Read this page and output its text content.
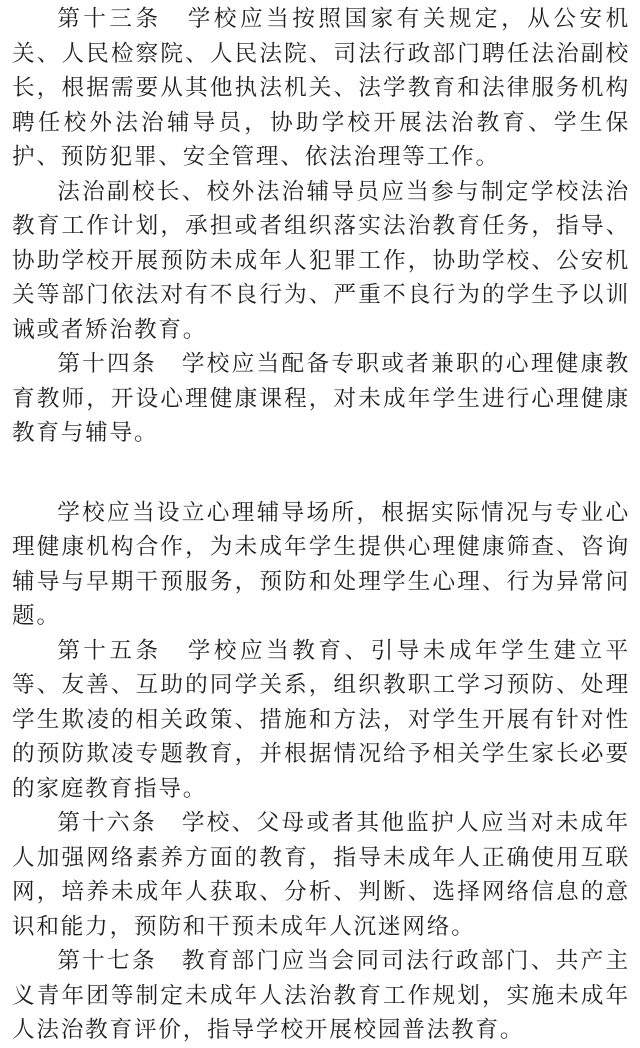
第十三条　学校应当按照国家有关规定，从公安机关、人民检察院、人民法院、司法行政部门聘任法治副校长，根据需要从其他执法机关、法学教育和法律服务机构聘任校外法治辅导员，协助学校开展法治教育、学生保护、预防犯罪、安全管理、依法治理等工作。

法治副校长、校外法治辅导员应当参与制定学校法治教育工作计划，承担或者组织落实法治教育任务，指导、协助学校开展预防未成年人犯罪工作，协助学校、公安机关等部门依法对有不良行为、严重不良行为的学生予以训诫或者矫治教育。

第十四条　学校应当配备专职或者兼职的心理健康教育教师，开设心理健康课程，对未成年学生进行心理健康教育与辅导。

学校应当设立心理辅导场所，根据实际情况与专业心理健康机构合作，为未成年学生提供心理健康筛查、咨询辅导与早期干预服务，预防和处理学生心理、行为异常问题。

第十五条　学校应当教育、引导未成年学生建立平等、友善、互助的同学关系，组织教职工学习预防、处理学生欺凌的相关政策、措施和方法，对学生开展有针对性的预防欺凌专题教育，并根据情况给予相关学生家长必要的家庭教育指导。

第十六条　学校、父母或者其他监护人应当对未成年人加强网络素养方面的教育，指导未成年人正确使用互联网，培养未成年人获取、分析、判断、选择网络信息的意识和能力，预防和干预未成年人沉迷网络。

第十七条　教育部门应当会同司法行政部门、共产主义青年团等制定未成年人法治教育工作规划，实施未成年人法治教育评价，指导学校开展校园普法教育。
